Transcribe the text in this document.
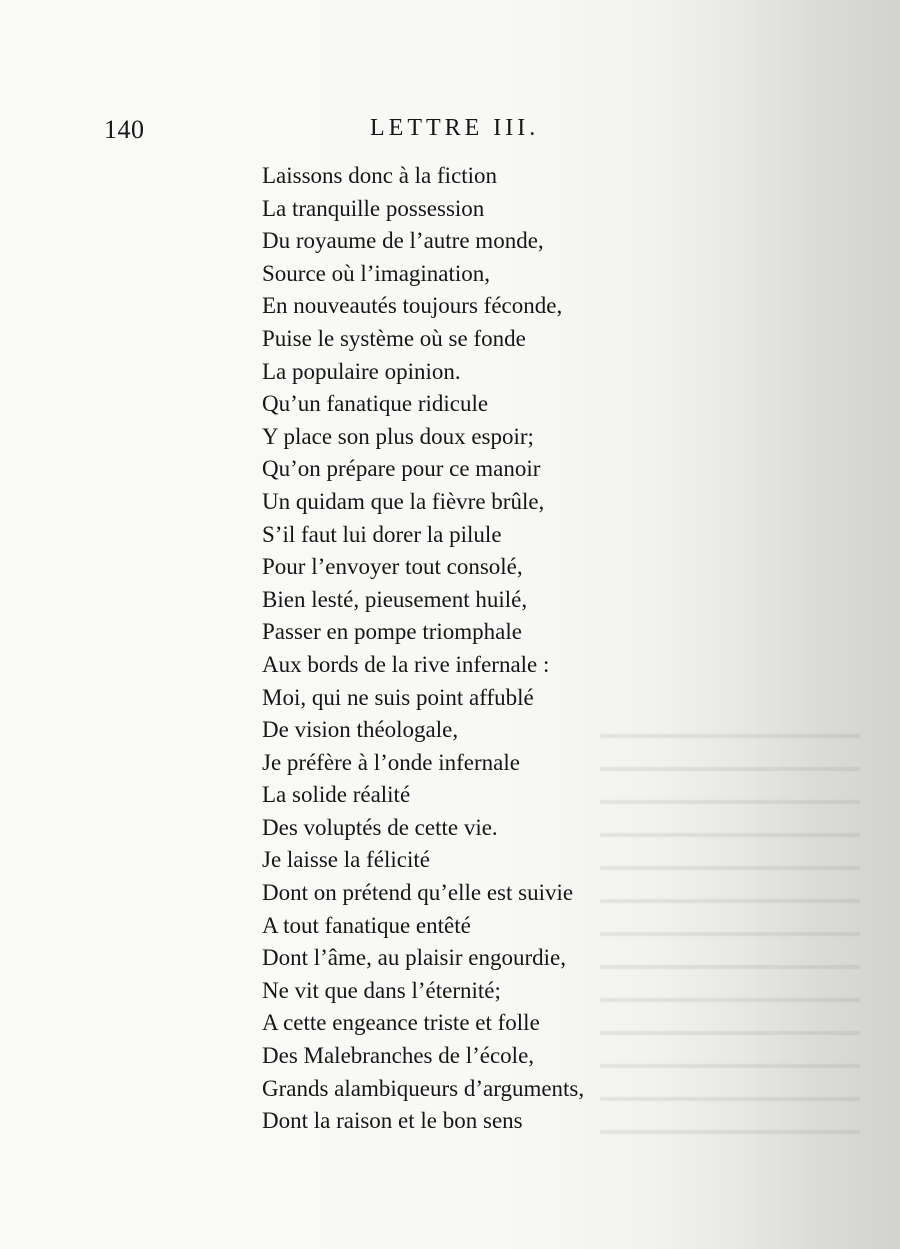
140	LETTRE III.
Laissons donc à la fiction
La tranquille possession
Du royaume de l’autre monde,
Source où l’imagination,
En nouveautés toujours féconde,
Puise le système où se fonde
La populaire opinion.
Qu’un fanatique ridicule
Y place son plus doux espoir;
Qu’on prépare pour ce manoir
Un quidam que la fièvre brûle,
S’il faut lui dorer la pilule
Pour l’envoyer tout consolé,
Bien lesté, pieusement huilé,
Passer en pompe triomphale
Aux bords de la rive infernale :
Moi, qui ne suis point affublé
De vision théologale,
Je préfère à l’onde infernale
La solide réalité
Des voluptés de cette vie.
Je laisse la félicité
Dont on prétend qu’elle est suivie
A tout fanatique entêté
Dont l’âme, au plaisir engourdie,
Ne vit que dans l’éternité;
A cette engeance triste et folle
Des Malebranches de l’école,
Grands alambiqueurs d’arguments,
Dont la raison et le bon sens
